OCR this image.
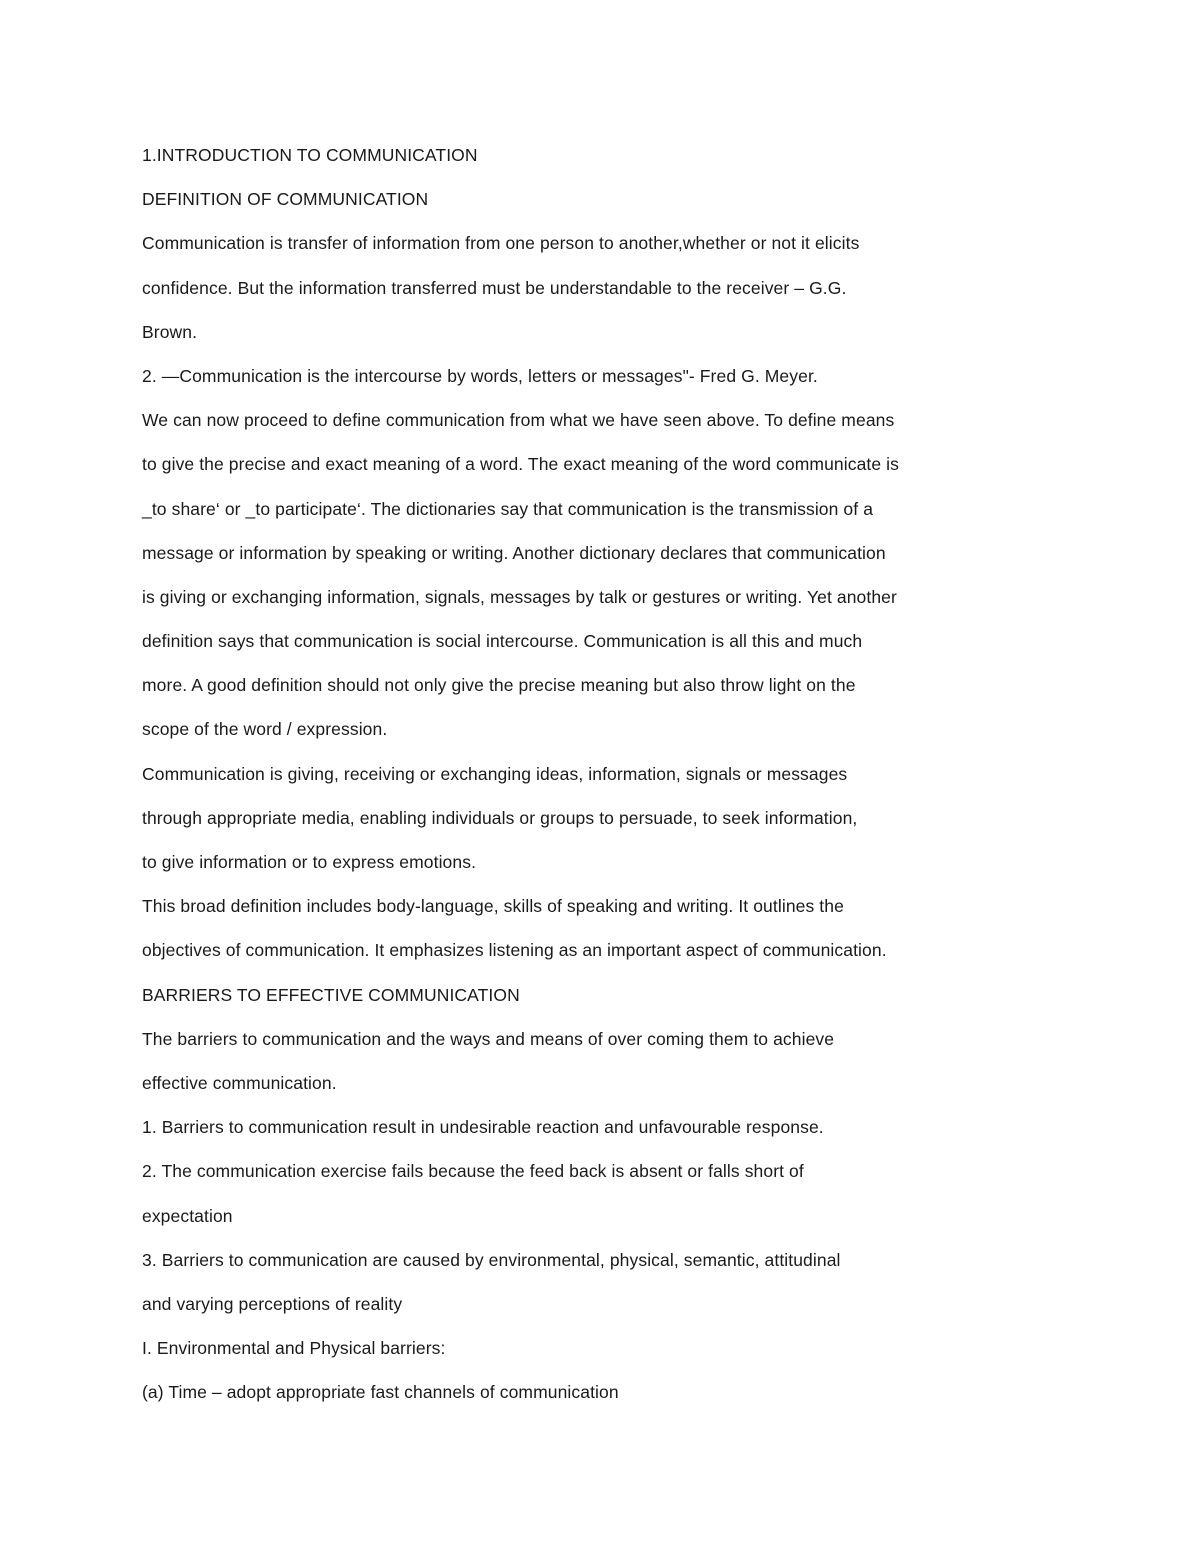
1.INTRODUCTION TO COMMUNICATION
DEFINITION OF COMMUNICATION
Communication is transfer of information from one person to another,whether or not it elicits
confidence. But the information transferred must be understandable to the receiver – G.G.
Brown.
2. ―Communication is the intercourse by words, letters or messages"- Fred G. Meyer.
We can now proceed to define communication from what we have seen above. To define means
to give the precise and exact meaning of a word. The exact meaning of the word communicate is
_to share‘ or _to participate‘. The dictionaries say that communication is the transmission of a
message or information by speaking or writing. Another dictionary declares that communication
is giving or exchanging information, signals, messages by talk or gestures or writing. Yet another
definition says that communication is social intercourse. Communication is all this and much
more. A good definition should not only give the precise meaning but also throw light on the
scope of the word / expression.
Communication is giving, receiving or exchanging ideas, information, signals or messages
through appropriate media, enabling individuals or groups to persuade, to seek information,
to give information or to express emotions.
This broad definition includes body-language, skills of speaking and writing. It outlines the
objectives of communication. It emphasizes listening as an important aspect of communication.
BARRIERS TO EFFECTIVE COMMUNICATION
The barriers to communication and the ways and means of over coming them to achieve
effective communication.
1. Barriers to communication result in undesirable reaction and unfavourable response.
2. The communication exercise fails because the feed back is absent or falls short of
expectation
3. Barriers to communication are caused by environmental, physical, semantic, attitudinal
and varying perceptions of reality
I. Environmental and Physical barriers:
(a) Time – adopt appropriate fast channels of communication
